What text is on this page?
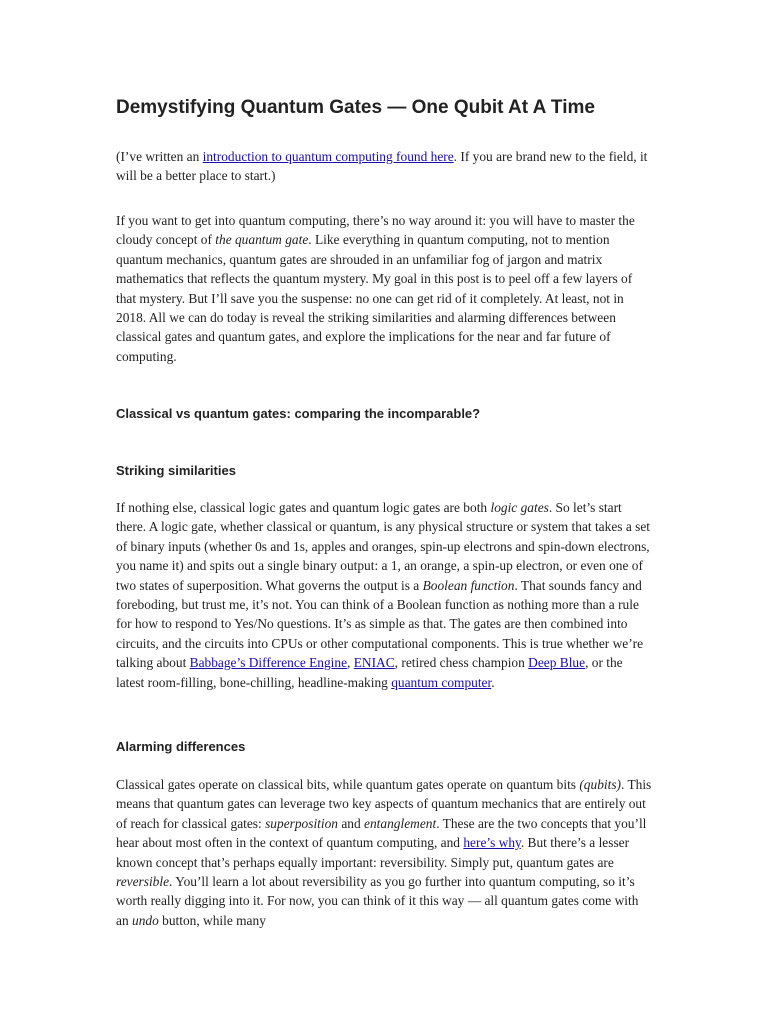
Demystifying Quantum Gates — One Qubit At A Time

(I’ve written an introduction to quantum computing found here. If you are brand new to the field, it will be a better place to start.)

If you want to get into quantum computing, there’s no way around it: you will have to master the cloudy concept of the quantum gate. Like everything in quantum computing, not to mention quantum mechanics, quantum gates are shrouded in an unfamiliar fog of jargon and matrix mathematics that reflects the quantum mystery. My goal in this post is to peel off a few layers of that mystery. But I’ll save you the suspense: no one can get rid of it completely. At least, not in 2018. All we can do today is reveal the striking similarities and alarming differences between classical gates and quantum gates, and explore the implications for the near and far future of computing.

Classical vs quantum gates: comparing the incomparable?
Striking similarities

If nothing else, classical logic gates and quantum logic gates are both logic gates. So let’s start there. A logic gate, whether classical or quantum, is any physical structure or system that takes a set of binary inputs (whether 0s and 1s, apples and oranges, spin-up electrons and spin-down electrons, you name it) and spits out a single binary output: a 1, an orange, a spin-up electron, or even one of two states of superposition. What governs the output is a Boolean function. That sounds fancy and foreboding, but trust me, it’s not. You can think of a Boolean function as nothing more than a rule for how to respond to Yes/No questions. It’s as simple as that. The gates are then combined into circuits, and the circuits into CPUs or other computational components. This is true whether we’re talking about Babbage’s Difference Engine, ENIAC, retired chess champion Deep Blue, or the latest room-filling, bone-chilling, headline-making quantum computer.

Alarming differences

Classical gates operate on classical bits, while quantum gates operate on quantum bits (qubits). This means that quantum gates can leverage two key aspects of quantum mechanics that are entirely out of reach for classical gates: superposition and entanglement. These are the two concepts that you’ll hear about most often in the context of quantum computing, and here’s why. But there’s a lesser known concept that’s perhaps equally important: reversibility. Simply put, quantum gates are reversible. You’ll learn a lot about reversibility as you go further into quantum computing, so it’s worth really digging into it. For now, you can think of it this way — all quantum gates come with an undo button, while many
